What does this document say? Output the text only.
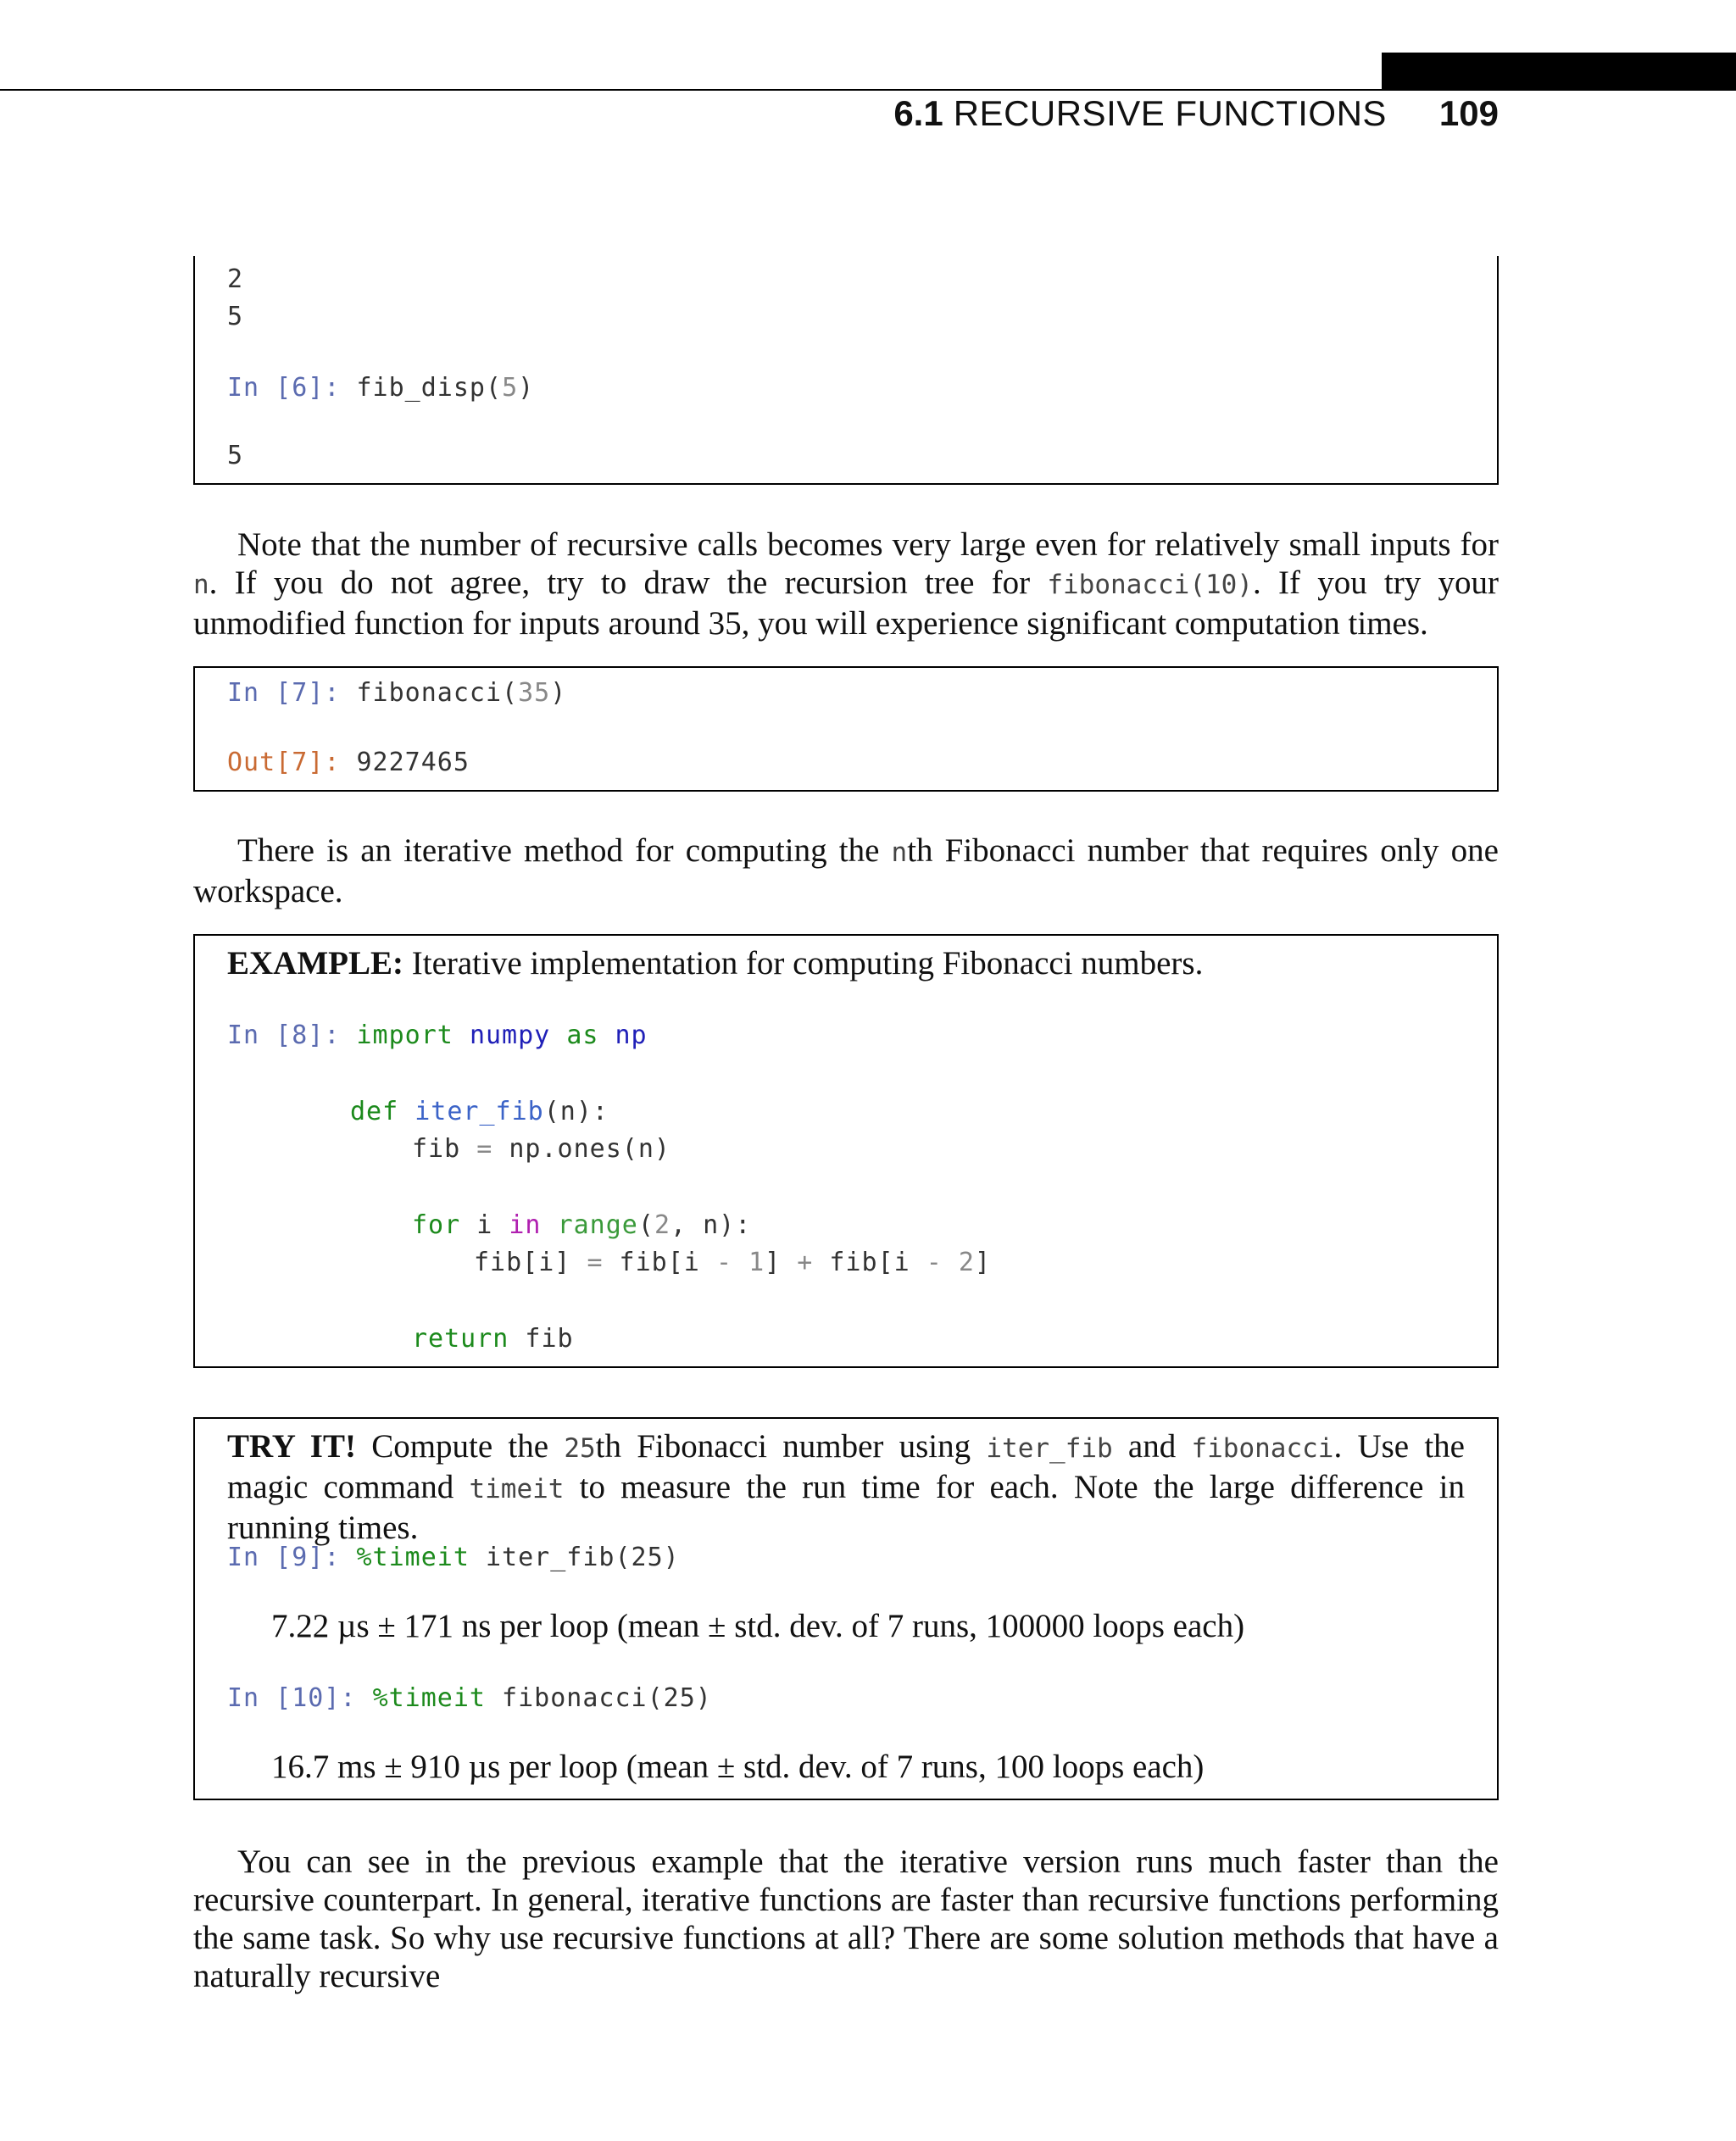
6.1 RECURSIVE FUNCTIONS 109
2
5
In [6]: fib_disp(5)
5

Note that the number of recursive calls becomes very large even for relatively small inputs for n. If you do not agree, try to draw the recursion tree for fibonacci(10). If you try your unmodified function for inputs around 35, you will experience significant computation times.

In [7]: fibonacci(35)
Out[7]: 9227465

There is an iterative method for computing the nth Fibonacci number that requires only one workspace.

EXAMPLE: Iterative implementation for computing Fibonacci numbers.
In [8]: import numpy as np
def iter_fib(n):
fib = np.ones(n)
for i in range(2, n):
fib[i] = fib[i - 1] + fib[i - 2]
return fib
TRY IT! Compute the 25th Fibonacci number using iter_fib and fibonacci. Use the magic command timeit to measure the run time for each. Note the large difference in running times.
In [9]: %timeit iter_fib(25)
7.22 µs ± 171 ns per loop (mean ± std. dev. of 7 runs, 100000 loops each)
In [10]: %timeit fibonacci(25)
16.7 ms ± 910 µs per loop (mean ± std. dev. of 7 runs, 100 loops each)

You can see in the previous example that the iterative version runs much faster than the recursive counterpart. In general, iterative functions are faster than recursive functions performing the same task. So why use recursive functions at all? There are some solution methods that have a naturally recursive
